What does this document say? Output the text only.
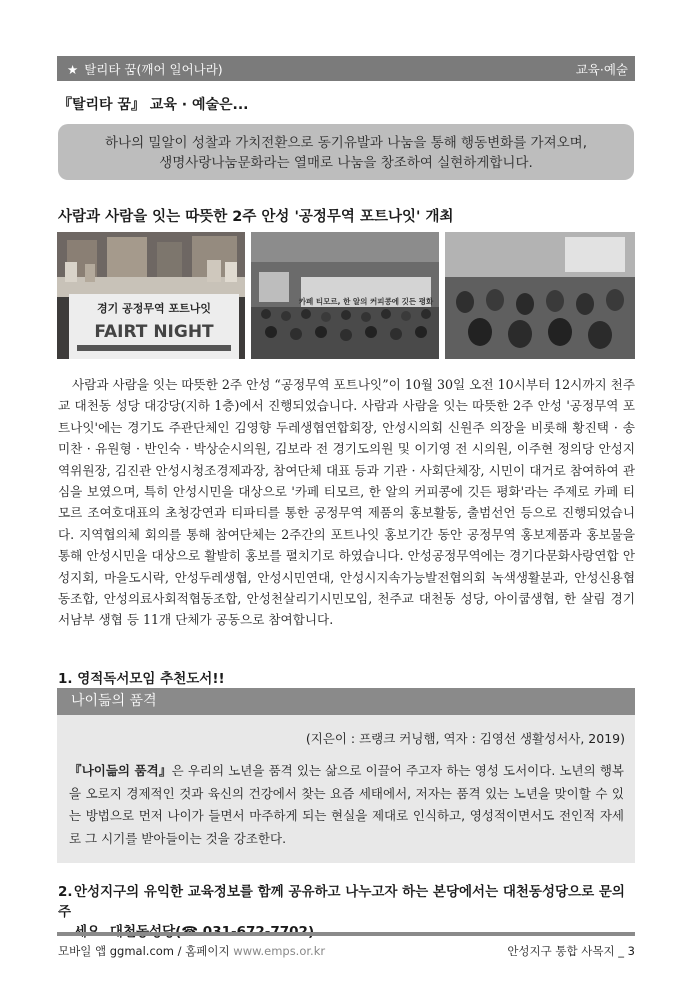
★ 탈리타 꿈(깨어 일어나라)	교육·예술
『탈리타 꿈』 교육 · 예술은...
하나의 밀알이 성찰과 가치전환으로 동기유발과 나눔을 통해 행동변화를 가져오며,
생명사랑나눔문화라는 열매로 나눔을 창조하여 실현하게합니다.
사람과 사람을 잇는 따뜻한 2주 안성 '공정무역 포트나잇' 개최
경기 공정무역 포트나잇
FAIRT NIGHT
카페 티모르, 한 알의 커피콩에 깃든 평화

사람과 사람을 잇는 따뜻한 2주 안성 “공정무역 포트나잇”이 10월 30일 오전 10시부터 12시까지 천주교 대천동 성당 대강당(지하 1층)에서 진행되었습니다. 사람과 사람을 잇는 따뜻한 2주 안성 '공정무역 포트나잇'에는 경기도 주관단체인 김영향 두레생협연합회장, 안성시의회 신원주 의장을 비롯해 황진택 · 송미찬 · 유원형 · 반인숙 · 박상순시의원, 김보라 전 경기도의원 및 이기영 전 시의원, 이주현 정의당 안성지역위원장, 김진관 안성시청조경제과장, 참여단체 대표 등과 기관 · 사회단체장, 시민이 대거로 참여하여 관심을 보였으며, 특히 안성시민을 대상으로 '카페 티모르, 한 알의 커피콩에 깃든 평화'라는 주제로 카페 티모르 조여호대표의 초청강연과 티파티를 통한 공정무역 제품의 홍보활동, 출범선언 등으로 진행되었습니다. 지역협의체 회의를 통해 참여단체는 2주간의 포트나잇 홍보기간 동안 공정무역 홍보제품과 홍보물을 통해 안성시민을 대상으로 활발히 홍보를 펼치기로 하였습니다. 안성공정무역에는 경기다문화사랑연합 안성지회, 마을도시락, 안성두레생협, 안성시민연대, 안성시지속가능발전협의회 녹색생활분과, 안성신용협동조합, 안성의료사회적협동조합, 안성천살리기시민모임, 천주교 대천동 성당, 아이쿱생협, 한 살림 경기서남부 생협 등 11개 단체가 공동으로 참여합니다.

1. 영적독서모임 추천도서!!
나이듦의 품격
(지은이 : 프랭크 커닝햄, 역자 : 김영선 생활성서사, 2019)

『나이듦의 품격』은 우리의 노년을 품격 있는 삶으로 이끌어 주고자 하는 영성 도서이다. 노년의 행복을 오로지 경제적인 것과 육신의 건강에서 찾는 요즘 세태에서, 저자는 품격 있는 노년을 맞이할 수 있는 방법으로 먼저 나이가 들면서 마주하게 되는 현실을 제대로 인식하고, 영성적이면서도 전인적 자세로 그 시기를 받아들이는 것을 강조한다.

2.안성지구의 유익한 교육정보를 함께 공유하고 나누고자 하는 본당에서는 대천동성당으로 문의주
모바일 앱 ggmal.com / 홈페이지 www.emps.or.kr	안성지구 통합 사목지 _ 3
